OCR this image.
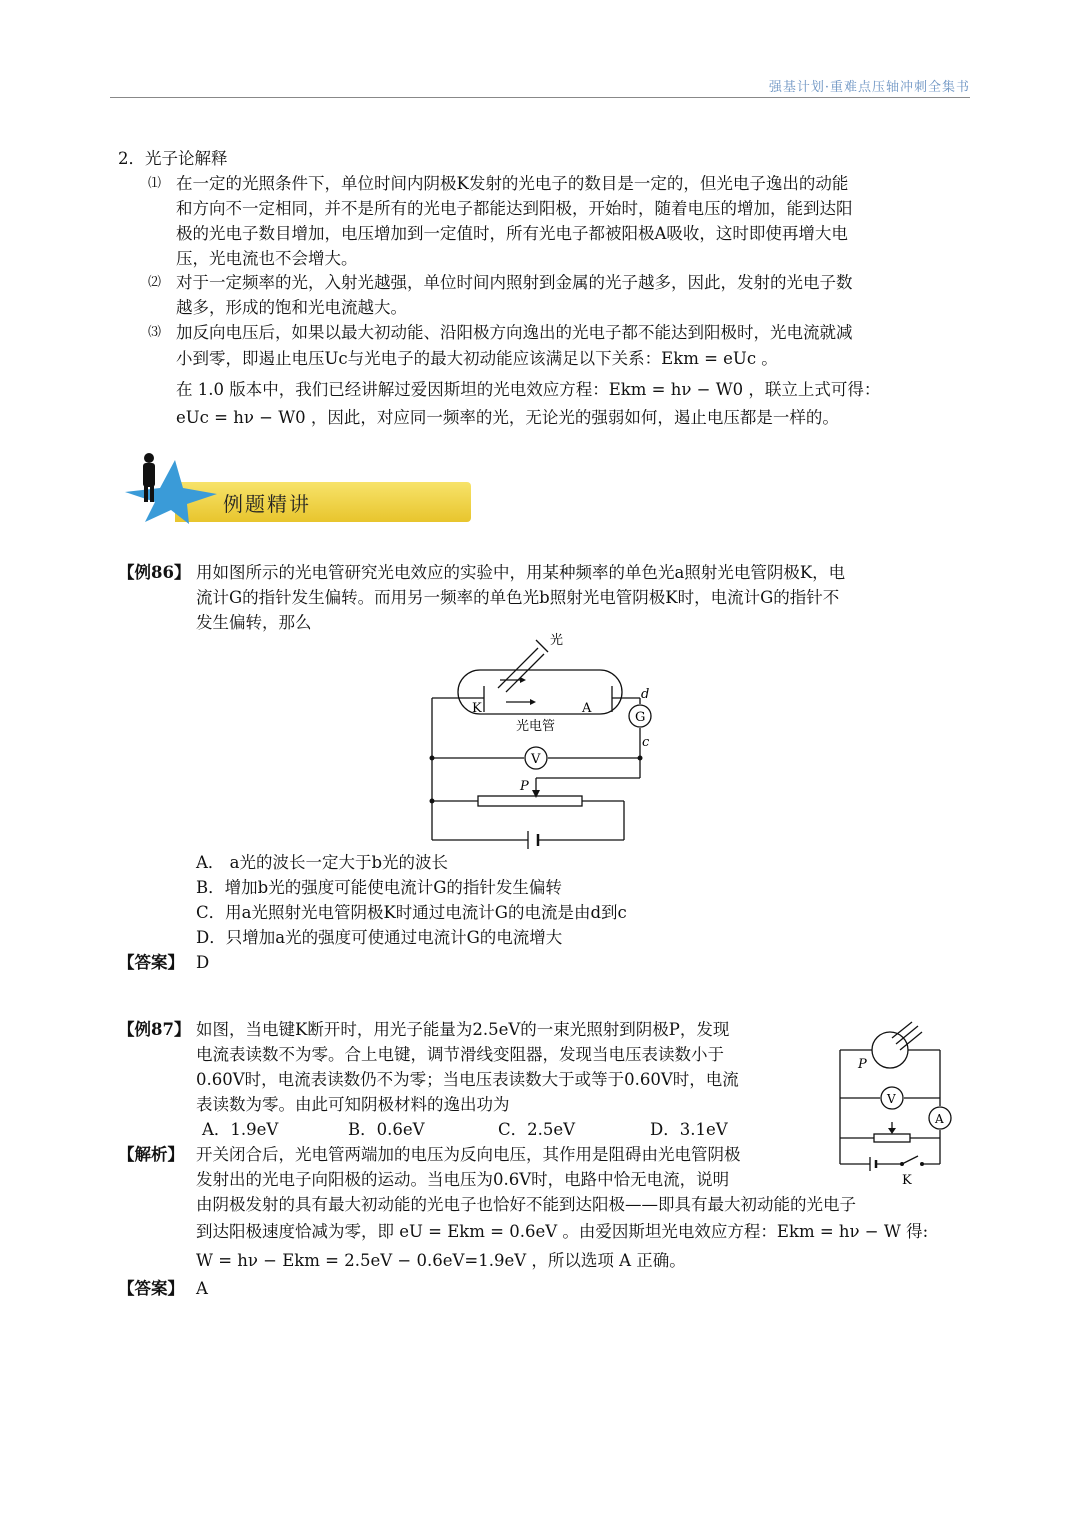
强基计划·重难点压轴冲刺全集书
2．光子论解释
⑴ 在一定的光照条件下，单位时间内阴极K发射的光电子的数目是一定的，但光电子逸出的动能
和方向不一定相同，并不是所有的光电子都能达到阳极，开始时，随着电压的增加，能到达阳
极的光电子数目增加，电压增加到一定值时，所有光电子都被阳极A吸收，这时即使再增大电
压，光电流也不会增大。
⑵ 对于一定频率的光，入射光越强，单位时间内照射到金属的光子越多，因此，发射的光电子数
越多，形成的饱和光电流越大。
⑶ 加反向电压后，如果以最大初动能、沿阳极方向逸出的光电子都不能达到阳极时，光电流就减
小到零，即遏止电压Uc与光电子的最大初动能应该满足以下关系：Ekm = eUc 。
在 1.0 版本中，我们已经讲解过爱因斯坦的光电效应方程：Ekm = hν − W0 ，联立上式可得：
eUc = hν − W0 ，因此，对应同一频率的光，无论光的强弱如何，遏止电压都是一样的。
例题精讲
【例86】 用如图所示的光电管研究光电效应的实验中，用某种频率的单色光a照射光电管阴极K，电
流计G的指针发生偏转。而用另一频率的单色光b照射光电管阴极K时，电流计G的指针不
发生偏转，那么
光
K	A
光电管
G
V
P
d
c
A． a光的波长一定大于b光的波长
B．增加b光的强度可能使电流计G的指针发生偏转
C．用a光照射光电管阴极K时通过电流计G的电流是由d到c
D．只增加a光的强度可使通过电流计G的电流增大
【答案】 D
【例87】 如图，当电键K断开时，用光子能量为2.5eV的一束光照射到阴极P，发现
电流表读数不为零。合上电键，调节滑线变阻器，发现当电压表读数小于
0.60V时，电流表读数仍不为零；当电压表读数大于或等于0.60V时，电流
表读数为零。由此可知阴极材料的逸出功为
A．1.9eV	B．0.6eV	C．2.5eV	D．3.1eV
P
V
A
K
【解析】 开关闭合后，光电管两端加的电压为反向电压，其作用是阻碍由光电管阴极
发射出的光电子向阳极的运动。当电压为0.6V时，电路中恰无电流，说明
由阴极发射的具有最大初动能的光电子也恰好不能到达阳极——即具有最大初动能的光电子
到达阳极速度恰减为零，即 eU = Ekm = 0.6eV 。由爱因斯坦光电效应方程：Ekm = hν − W 得:
W = hν − Ekm = 2.5eV − 0.6eV=1.9eV ，所以选项 A 正确。
【答案】 A
